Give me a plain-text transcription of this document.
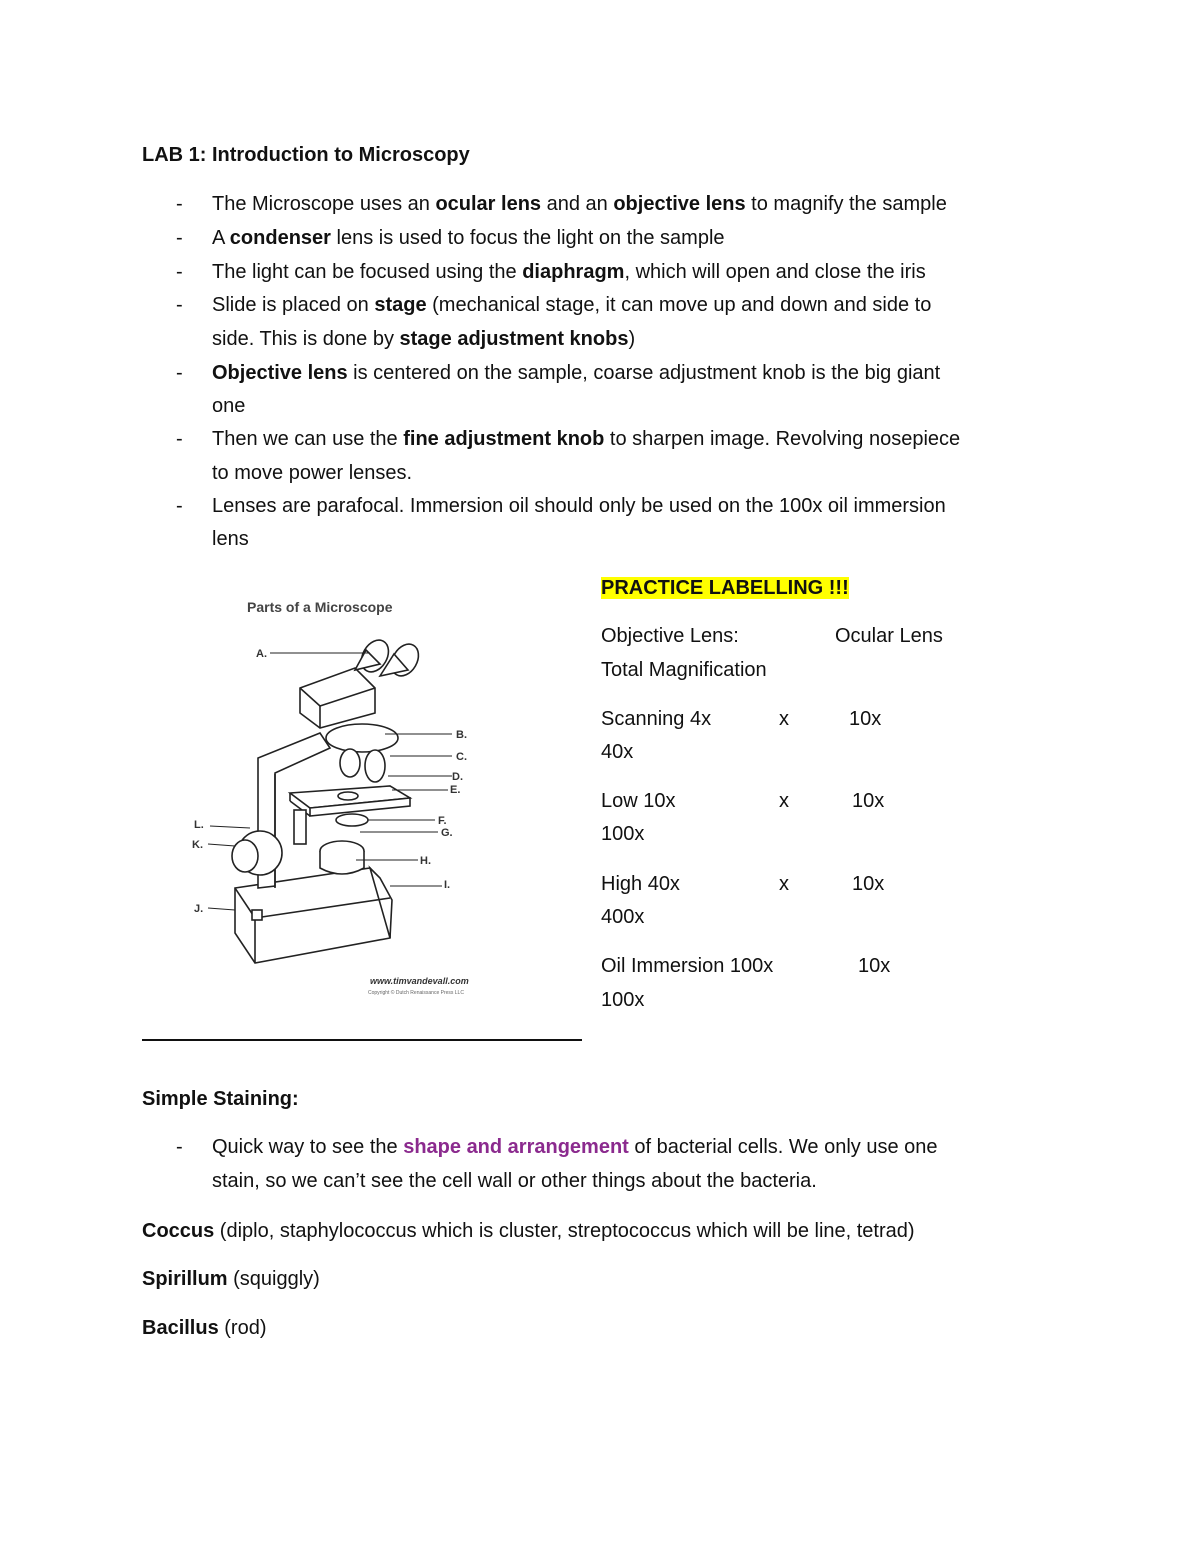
LAB 1: Introduction to Microscopy
- The Microscope uses an ocular lens and an objective lens to magnify the sample
- A condenser lens is used to focus the light on the sample
- The light can be focused using the diaphragm, which will open and close the iris
- Slide is placed on stage (mechanical stage, it can move up and down and side to
side. This is done by stage adjustment knobs)
- Objective lens is centered on the sample, coarse adjustment knob is the big giant
one
- Then we can use the fine adjustment knob to sharpen image. Revolving nosepiece
to move power lenses.
- Lenses are parafocal. Immersion oil should only be used on the 100x oil immersion
lens
Parts of a Microscope
A.
B.
C.
D.
E.
F.
G.
H.
I.
J.
K.
L.
www.timvandevall.com
Copyright © Dutch Renaissance Press LLC
PRACTICE LABELLING !!!
Objective Lens:	Ocular Lens
Total Magnification
Scanning 4x	x	10x
40x
Low 10x	x	10x
100x
High 40x	x	10x
400x
Oil Immersion 100x	10x
100x
Simple Staining:
- Quick way to see the shape and arrangement of bacterial cells. We only use one
stain, so we can’t see the cell wall or other things about the bacteria.
Coccus (diplo, staphylococcus which is cluster, streptococcus which will be line, tetrad)
Spirillum (squiggly)
Bacillus (rod)
